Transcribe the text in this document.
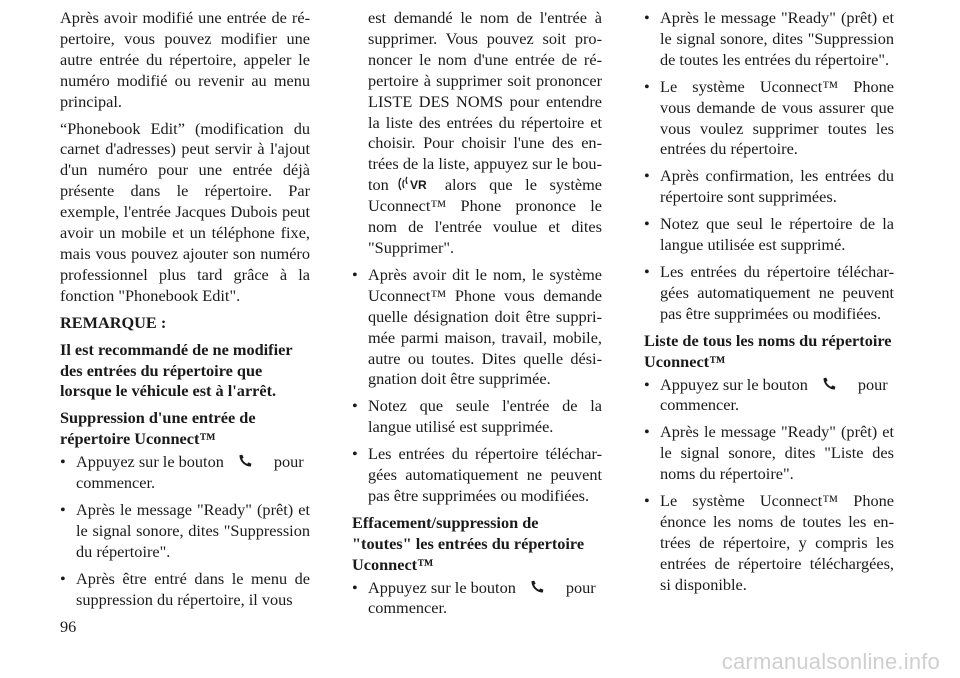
Après avoir modifié une entrée de ré-pertoire, vous pouvez modifier une autre entrée du répertoire, appeler le numéro modifié ou revenir au menu principal.

“Phonebook Edit” (modification du carnet d'adresses) peut servir à l'ajout d'un numéro pour une entrée déjà présente dans le répertoire. Par exemple, l'entrée Jacques Dubois peut avoir un mobile et un téléphone fixe, mais vous pouvez ajouter son numéro professionnel plus tard grâce à la fonction "Phonebook Edit".

REMARQUE :

Il est recommandé de ne modifier des entrées du répertoire que lorsque le véhicule est à l'arrêt.

Suppression d'une entrée de répertoire Uconnect™

• Appuyez sur le bouton	pour
commencer.
• Après le message "Ready" (prêt) et le signal sonore, dites "Suppression du répertoire".
• Après être entré dans le menu de suppression du répertoire, il vous

est demandé le nom de l'entrée à supprimer. Vous pouvez soit pro-noncer le nom d'une entrée de ré-pertoire à supprimer soit prononcer LISTE DES NOMS pour entendre la liste des entrées du répertoire et choisir. Pour choisir l'une des en-trées de la liste, appuyez sur le bou-ton VR alors que le système Uconnect™ Phone prononce le nom de l'entrée voulue et dites "Supprimer".

• Après avoir dit le nom, le système Uconnect™ Phone vous demande quelle désignation doit être suppri-mée parmi maison, travail, mobile, autre ou toutes. Dites quelle dési-gnation doit être supprimée.
• Notez que seule l'entrée de la langue utilisé est supprimée.
• Les entrées du répertoire téléchar-gées automatiquement ne peuvent pas être supprimées ou modifiées.

Effacement/suppression de "toutes" les entrées du répertoire Uconnect™

• Appuyez sur le bouton	pour
commencer.
• Après le message "Ready" (prêt) et le signal sonore, dites "Suppression de toutes les entrées du répertoire".
• Le système Uconnect™ Phone vous demande de vous assurer que vous voulez supprimer toutes les entrées du répertoire.
• Après confirmation, les entrées du répertoire sont supprimées.
• Notez que seul le répertoire de la langue utilisée est supprimé.
• Les entrées du répertoire téléchar-gées automatiquement ne peuvent pas être supprimées ou modifiées.

Liste de tous les noms du répertoire Uconnect™

• Appuyez sur le bouton	pour
commencer.
• Après le message "Ready" (prêt) et le signal sonore, dites "Liste des noms du répertoire".
• Le système Uconnect™ Phone énonce les noms de toutes les en-trées de répertoire, y compris les entrées de répertoire téléchargées, si disponible.
96
carmanualsonline.info
